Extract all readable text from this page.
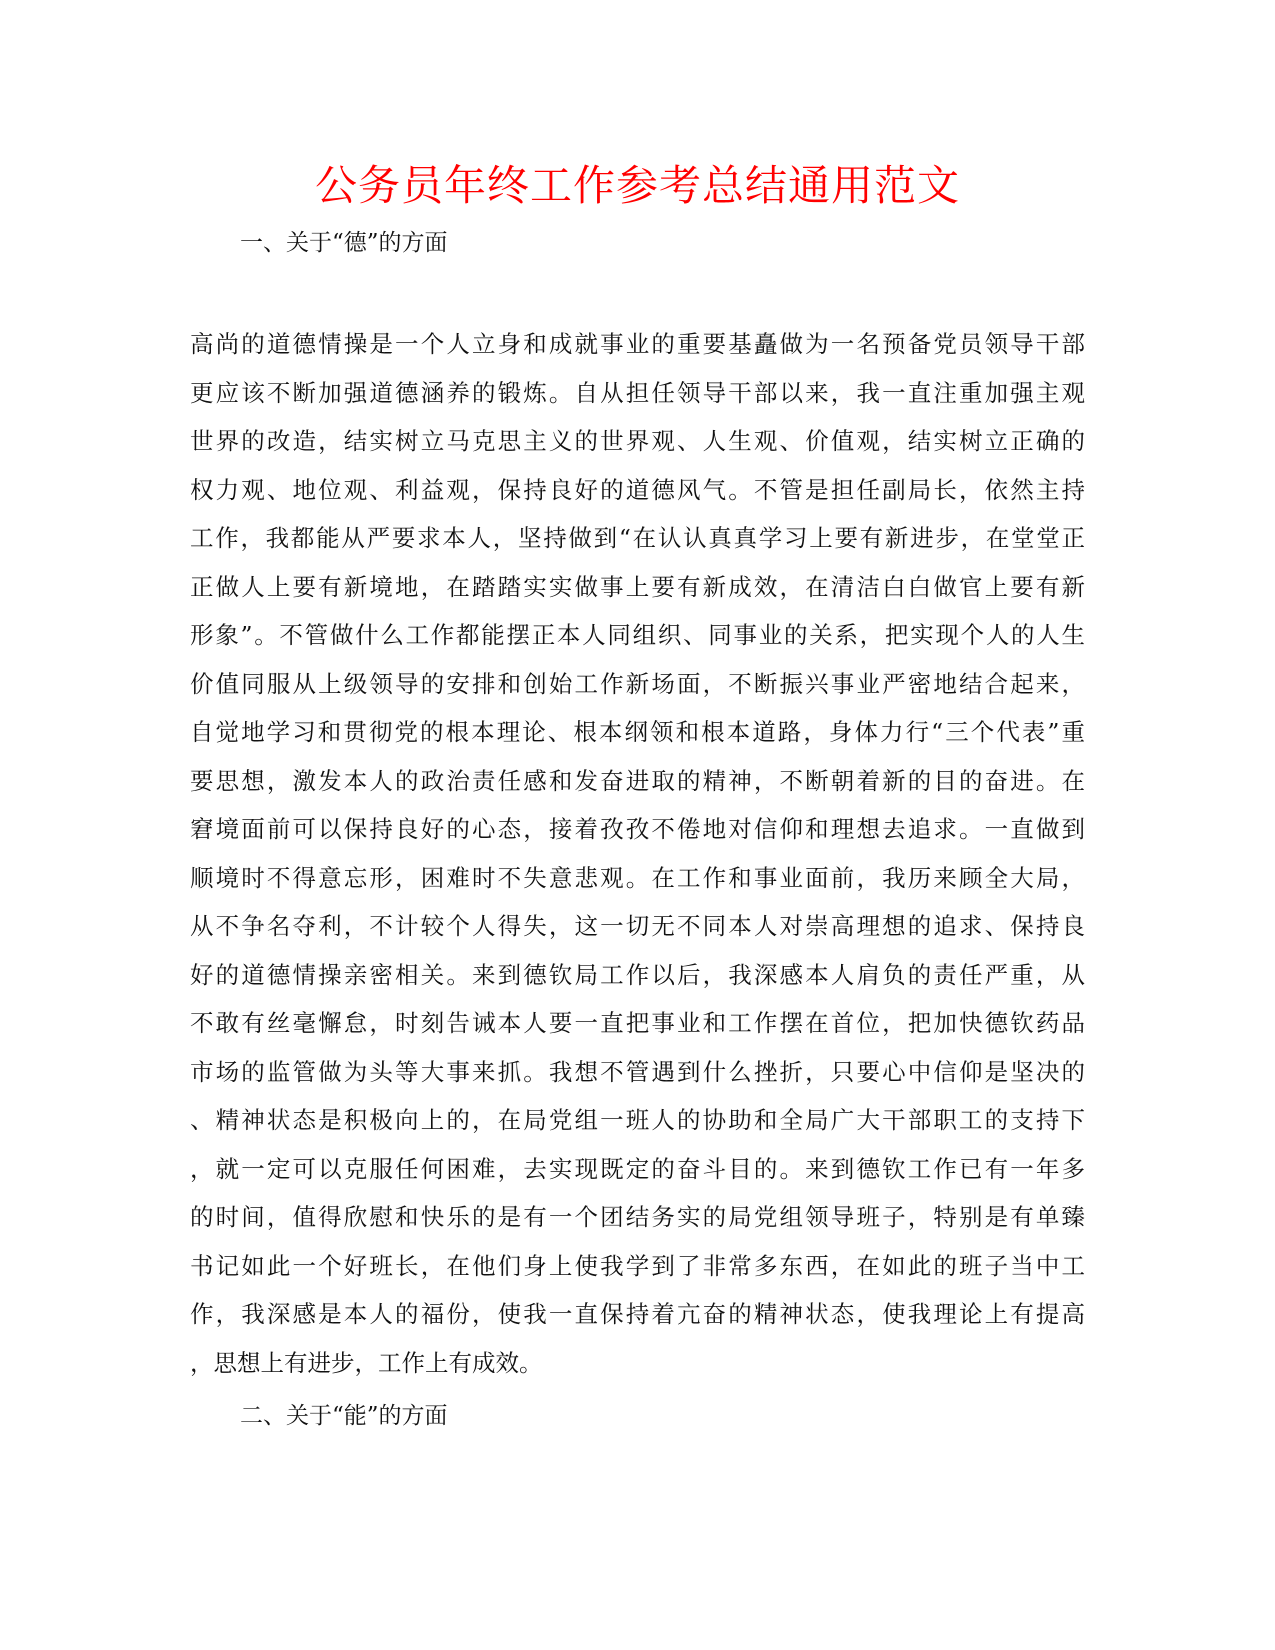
公务员年终工作参考总结通用范文
一、关于“德”的方面
高尚的道德情操是一个人立身和成就事业的重要基矗做为一名预备党员领导干部
更应该不断加强道德涵养的锻炼。自从担任领导干部以来，我一直注重加强主观
世界的改造，结实树立马克思主义的世界观、人生观、价值观，结实树立正确的
权力观、地位观、利益观，保持良好的道德风气。不管是担任副局长，依然主持
工作，我都能从严要求本人，坚持做到“在认认真真学习上要有新进步，在堂堂正
正做人上要有新境地，在踏踏实实做事上要有新成效，在清洁白白做官上要有新
形象”。不管做什么工作都能摆正本人同组织、同事业的关系，把实现个人的人生
价值同服从上级领导的安排和创始工作新场面，不断振兴事业严密地结合起来，
自觉地学习和贯彻党的根本理论、根本纲领和根本道路，身体力行“三个代表”重
要思想，激发本人的政治责任感和发奋进取的精神，不断朝着新的目的奋进。在
窘境面前可以保持良好的心态，接着孜孜不倦地对信仰和理想去追求。一直做到
顺境时不得意忘形，困难时不失意悲观。在工作和事业面前，我历来顾全大局，
从不争名夺利，不计较个人得失，这一切无不同本人对崇高理想的追求、保持良
好的道德情操亲密相关。来到德钦局工作以后，我深感本人肩负的责任严重，从
不敢有丝毫懈怠，时刻告诫本人要一直把事业和工作摆在首位，把加快德钦药品
市场的监管做为头等大事来抓。我想不管遇到什么挫折，只要心中信仰是坚决的
、精神状态是积极向上的，在局党组一班人的协助和全局广大干部职工的支持下
，就一定可以克服任何困难，去实现既定的奋斗目的。来到德钦工作已有一年多
的时间，值得欣慰和快乐的是有一个团结务实的局党组领导班子，特别是有单臻
书记如此一个好班长，在他们身上使我学到了非常多东西，在如此的班子当中工
作，我深感是本人的福份，使我一直保持着亢奋的精神状态，使我理论上有提高
，思想上有进步，工作上有成效。
二、关于“能”的方面
